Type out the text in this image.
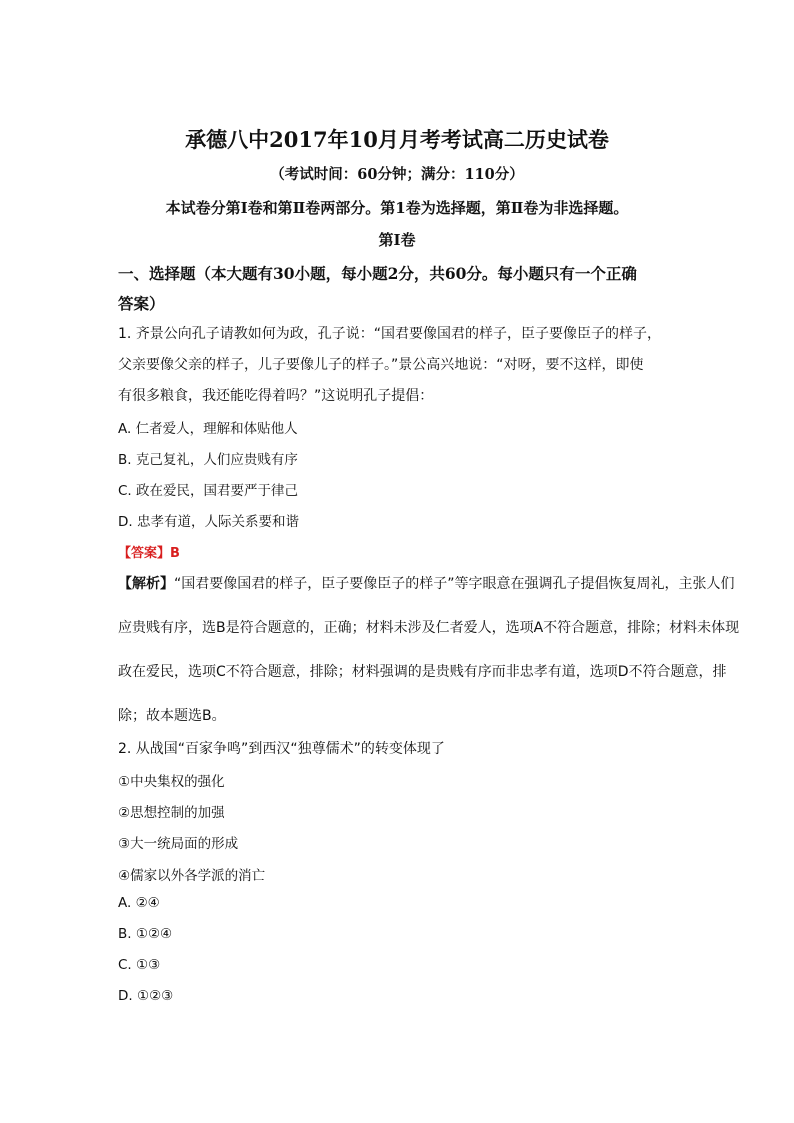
承德八中2017年10月月考考试高二历史试卷
（考试时间：60分钟；满分：110分）
本试卷分第Ⅰ卷和第Ⅱ卷两部分。第1卷为选择题，第Ⅱ卷为非选择题。
第Ⅰ卷
一、选择题（本大题有30小题，每小题2分，共60分。每小题只有一个正确
答案）
1. 齐景公向孔子请教如何为政，孔子说：“国君要像国君的样子，臣子要像臣子的样子，
父亲要像父亲的样子，儿子要像儿子的样子。”景公高兴地说：“对呀，要不这样，即使
有很多粮食，我还能吃得着吗？”这说明孔子提倡：
A. 仁者爱人，理解和体贴他人
B. 克己复礼，人们应贵贱有序
C. 政在爱民，国君要严于律己
D. 忠孝有道，人际关系要和谐
【答案】B
【解析】“国君要像国君的样子，臣子要像臣子的样子”等字眼意在强调孔子提倡恢复周礼，主张人们
应贵贱有序，选B是符合题意的，正确；材料未涉及仁者爱人，选项A不符合题意，排除；材料未体现
政在爱民，选项C不符合题意，排除；材料强调的是贵贱有序而非忠孝有道，选项D不符合题意，排
除；故本题选B。
2. 从战国“百家争鸣”到西汉“独尊儒术”的转变体现了
①中央集权的强化
②思想控制的加强
③大一统局面的形成
④儒家以外各学派的消亡
A. ②④
B. ①②④
C. ①③
D. ①②③
